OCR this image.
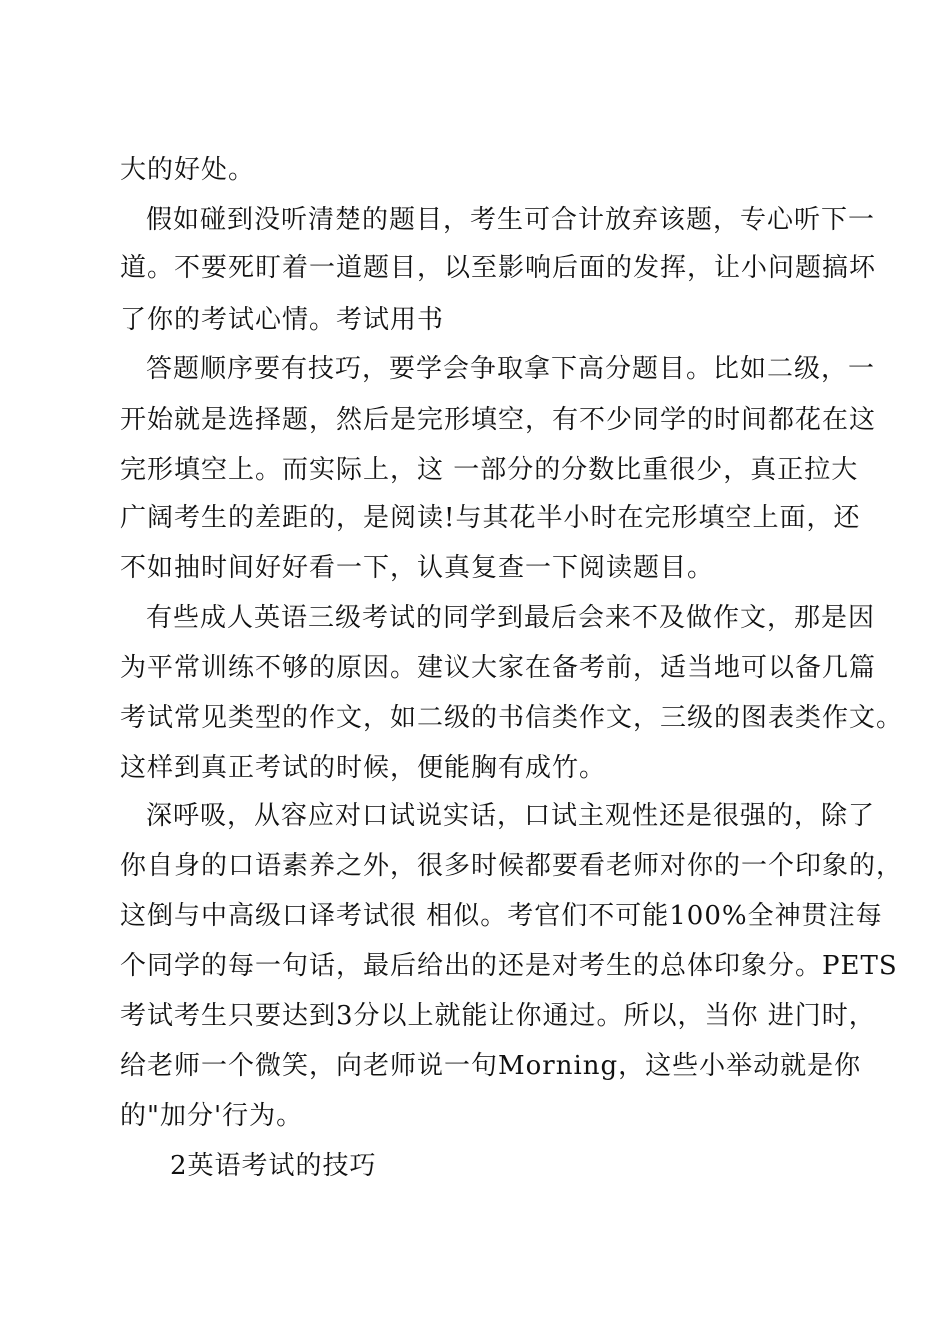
大的好处。
假如碰到没听清楚的题目，考生可合计放弃该题，专心听下一
道。不要死盯着一道题目，以至影响后面的发挥，让小问题搞坏
了你的考试心情。考试用书
答题顺序要有技巧，要学会争取拿下高分题目。比如二级，一
开始就是选择题，然后是完形填空，有不少同学的时间都花在这
完形填空上。而实际上，这 一部分的分数比重很少，真正拉大
广阔考生的差距的，是阅读!与其花半小时在完形填空上面，还
不如抽时间好好看一下，认真复查一下阅读题目。
有些成人英语三级考试的同学到最后会来不及做作文，那是因
为平常训练不够的原因。建议大家在备考前，适当地可以备几篇
考试常见类型的作文，如二级的书信类作文，三级的图表类作文。
这样到真正考试的时候，便能胸有成竹。
深呼吸，从容应对口试说实话，口试主观性还是很强的，除了
你自身的口语素养之外，很多时候都要看老师对你的一个印象的，
这倒与中高级口译考试很 相似。考官们不可能100%全神贯注每
个同学的每一句话，最后给出的还是对考生的总体印象分。PETS
考试考生只要达到3分以上就能让你通过。所以，当你 进门时，
给老师一个微笑，向老师说一句Morning，这些小举动就是你
的"加分'行为。
2英语考试的技巧
